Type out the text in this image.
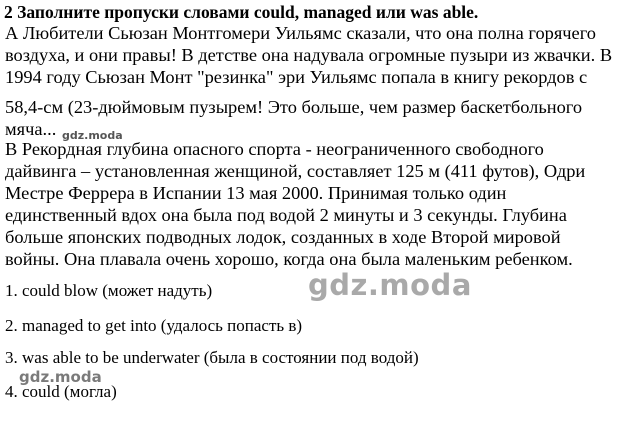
2 Заполните пропуски словами could, managed или was able.

А Любители Сьюзан Монтгомери Уильямс сказали, что она полна горячего

воздуха, и они правы! В детстве она надувала огромные пузыри из жвачки. В

1994 году Сьюзан Монт "резинка" эри Уильямс попала в книгу рекордов с

58,4-см (23-дюймовым пузырем! Это больше, чем размер баскетбольного

мяча...

В Рекордная глубина опасного спорта - неограниченного свободного

дайвинга – установленная женщиной, составляет 125 м (411 футов), Одри

Местре Феррера в Испании 13 мая 2000. Принимая только один

единственный вдох она была под водой 2 минуты и 3 секунды. Глубина

больше японских подводных лодок, созданных в ходе Второй мировой

войны. Она плавала очень хорошо, когда она была маленьким ребенком.

1. could blow (может надуть)

2. managed to get into (удалось попасть в)

3. was able to be underwater (была в состоянии под водой)

4. could (могла)

gdz.moda
gdz.moda
gdz.moda
